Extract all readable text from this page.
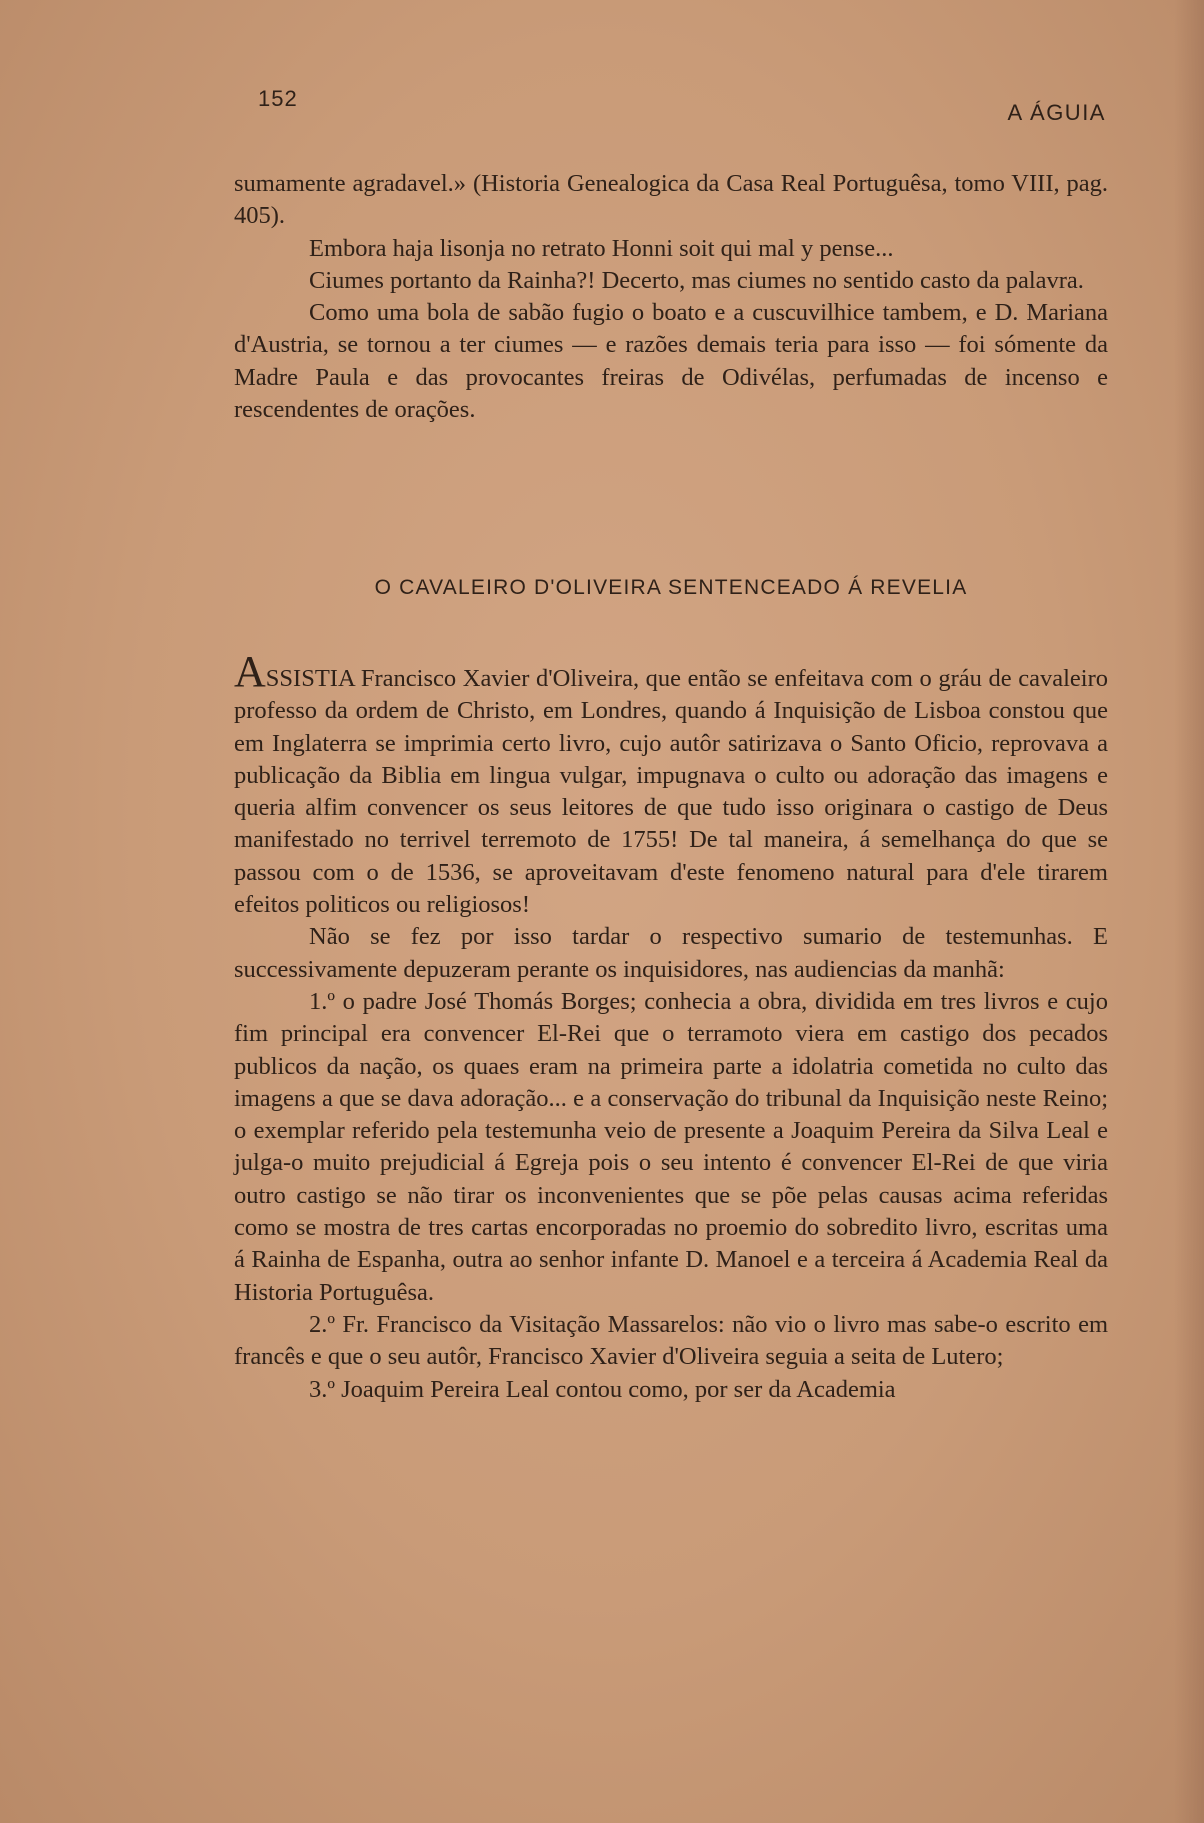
152
A ÁGUIA

sumamente agradavel.» (Historia Genealogica da Casa Real Portuguêsa, tomo VIII, pag. 405).

Embora haja lisonja no retrato Honni soit qui mal y pense...

Ciumes portanto da Rainha?! Decerto, mas ciumes no sentido casto da palavra.

Como uma bola de sabão fugio o boato e a cuscuvilhice tambem, e D. Mariana d'Austria, se tornou a ter ciumes — e razões demais teria para isso — foi sómente da Madre Paula e das provocantes freiras de Odivélas, perfumadas de incenso e rescendentes de orações.

O CAVALEIRO D'OLIVEIRA SENTENCEADO Á REVELIA

ASSISTIA Francisco Xavier d'Oliveira, que então se enfeitava com o gráu de cavaleiro professo da ordem de Christo, em Londres, quando á Inquisição de Lisboa constou que em Inglaterra se imprimia certo livro, cujo autôr satirizava o Santo Oficio, reprovava a publicação da Biblia em lingua vulgar, impugnava o culto ou adoração das imagens e queria alfim convencer os seus leitores de que tudo isso originara o castigo de Deus manifestado no terrivel terremoto de 1755! De tal maneira, á semelhança do que se passou com o de 1536, se aproveitavam d'este fenomeno natural para d'ele tirarem efeitos politicos ou religiosos!

Não se fez por isso tardar o respectivo sumario de testemunhas. E successivamente depuzeram perante os inquisidores, nas audiencias da manhã:

1.º o padre José Thomás Borges; conhecia a obra, dividida em tres livros e cujo fim principal era convencer El-Rei que o terramoto viera em castigo dos pecados publicos da nação, os quaes eram na primeira parte a idolatria cometida no culto das imagens a que se dava adoração... e a conservação do tribunal da Inquisição neste Reino; o exemplar referido pela testemunha veio de presente a Joaquim Pereira da Silva Leal e julga-o muito prejudicial á Egreja pois o seu intento é convencer El-Rei de que viria outro castigo se não tirar os inconvenientes que se põe pelas causas acima referidas como se mostra de tres cartas encorporadas no proemio do sobredito livro, escritas uma á Rainha de Espanha, outra ao senhor infante D. Manoel e a terceira á Academia Real da Historia Portuguêsa.

2.º Fr. Francisco da Visitação Massarelos: não vio o livro mas sabe-o escrito em francês e que o seu autôr, Francisco Xavier d'Oliveira seguia a seita de Lutero;

3.º Joaquim Pereira Leal contou como, por ser da Academia
